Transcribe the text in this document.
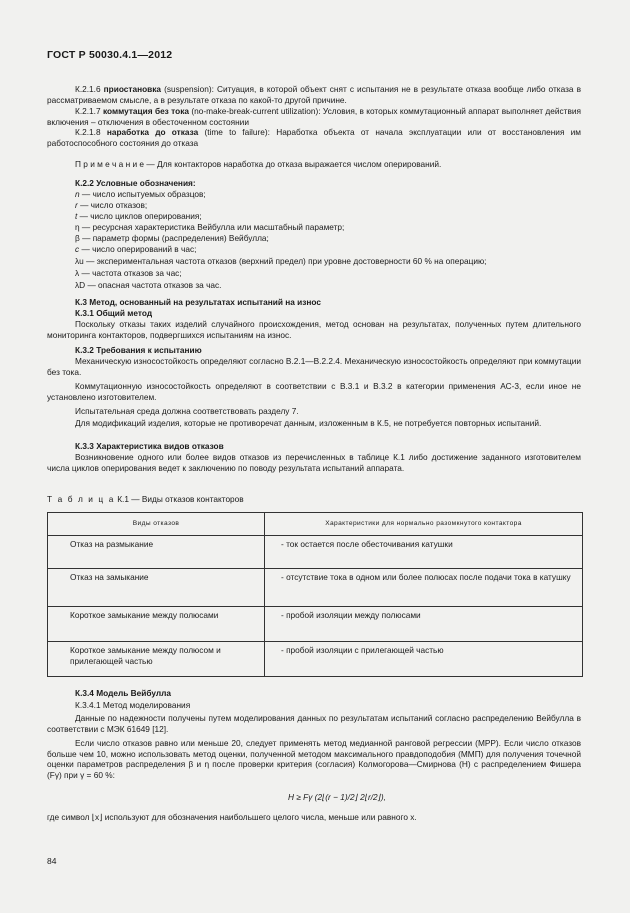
ГОСТ Р 50030.4.1—2012

К.2.1.6 приостановка (suspension): Ситуация, в которой объект снят с испытания не в результате отказа вообще либо отказа в рассматриваемом смысле, а в результате отказа по какой-то другой причине.

К.2.1.7 коммутация без тока (no-make-break-current utilization): Условия, в которых коммутационный аппарат выполняет действия включения – отключения в обесточенном состоянии

К.2.1.8 наработка до отказа (time to failure): Наработка объекта от начала эксплуатации или от восстановления им работоспособного состояния до отказа

П р и м е ч а н и е — Для контакторов наработка до отказа выражается числом оперирований.

К.2.2 Условные обозначения:

n — число испытуемых образцов;

r — число отказов;

t — число циклов оперирования;

η — ресурсная характеристика Вейбулла или масштабный параметр;

β — параметр формы (распределения) Вейбулла;

c — число оперирований в час;

λu — экспериментальная частота отказов (верхний предел) при уровне достоверности 60 % на операцию;

λ — частота отказов за час;

λD — опасная частота отказов за час.

К.3 Метод, основанный на результатах испытаний на износ

К.3.1 Общий метод

Поскольку отказы таких изделий случайного происхождения, метод основан на результатах, полученных путем длительного мониторинга контакторов, подвергшихся испытаниям на износ.

К.3.2 Требования к испытанию

Механическую износостойкость определяют согласно В.2.1—В.2.2.4. Механическую износостойкость определяют при коммутации без тока.

Коммутационную износостойкость определяют в соответствии с В.3.1 и В.3.2 в категории применения АС-3, если иное не установлено изготовителем.

Испытательная среда должна соответствовать разделу 7.

Для модификаций изделия, которые не противоречат данным, изложенным в К.5, не потребуется повторных испытаний.

К.3.3 Характеристика видов отказов

Возникновение одного или более видов отказов из перечисленных в таблице К.1 либо достижение заданного изготовителем числа циклов оперирования ведет к заключению по поводу результата испытаний аппарата.

Т а б л и ц а К.1 — Виды отказов контакторов

Виды отказов	Характеристики для нормально разомкнутого контактора
Отказ на размыкание	- ток остается после обесточивания катушки
Отказ на замыкание	- отсутствие тока в одном или более полюсах после подачи тока в катушку
Короткое замыкание между полюсами	- пробой изоляции между полюсами
Короткое замыкание между полюсом и прилегающей частью	- пробой изоляции с прилегающей частью

К.3.4 Модель Вейбулла

К.3.4.1 Метод моделирования

Данные по надежности получены путем моделирования данных по результатам испытаний согласно распределению Вейбулла в соответствии с МЭК 61649 [12].

Если число отказов равно или меньше 20, следует применять метод медианной ранговой регрессии (МРР). Если число отказов больше чем 10, можно использовать метод оценки, полученной методом максимального правдоподобия (ММП) для получения точечной оценки параметров распределения β и η после проверки критерия (согласия) Колмогорова—Смирнова (H) с распределением Фишера (Fγ) при γ = 60 %:

H ≥ Fγ (2⌊(r − 1)/2⌋ 2⌊r/2⌋),

где символ ⌊x⌋ используют для обозначения наибольшего целого числа, меньше или равного x.

84
